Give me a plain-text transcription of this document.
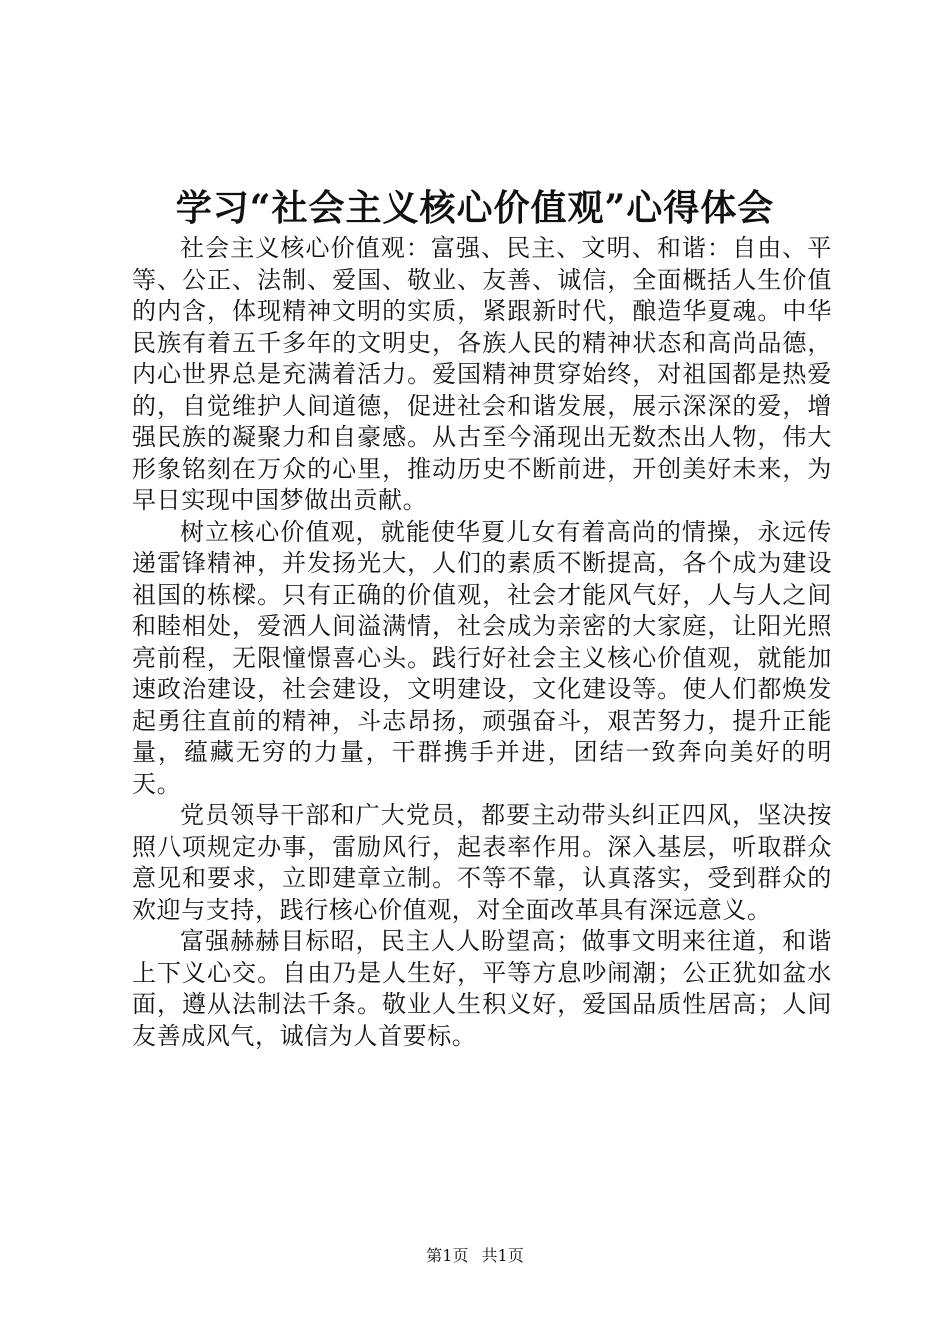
学习“社会主义核心价值观”心得体会

社会主义核心价值观：富强、民主、文明、和谐：自由、平等、公正、法制、爱国、敬业、友善、诚信，全面概括人生价值的内含，体现精神文明的实质，紧跟新时代，酿造华夏魂。中华民族有着五千多年的文明史，各族人民的精神状态和高尚品德，内心世界总是充满着活力。爱国精神贯穿始终，对祖国都是热爱的，自觉维护人间道德，促进社会和谐发展，展示深深的爱，增强民族的凝聚力和自豪感。从古至今涌现出无数杰出人物，伟大形象铭刻在万众的心里，推动历史不断前进，开创美好未来，为早日实现中国梦做出贡献。

树立核心价值观，就能使华夏儿女有着高尚的情操，永远传递雷锋精神，并发扬光大，人们的素质不断提高，各个成为建设祖国的栋樑。只有正确的价值观，社会才能风气好，人与人之间和睦相处，爱洒人间溢满情，社会成为亲密的大家庭，让阳光照亮前程，无限憧憬喜心头。践行好社会主义核心价值观，就能加速政治建设，社会建设，文明建设，文化建设等。使人们都焕发起勇往直前的精神，斗志昂扬，顽强奋斗，艰苦努力，提升正能量，蕴藏无穷的力量，干群携手并进，团结一致奔向美好的明天。

党员领导干部和广大党员，都要主动带头纠正四风，坚决按照八项规定办事，雷励风行，起表率作用。深入基层，听取群众意见和要求，立即建章立制。不等不靠，认真落实，受到群众的欢迎与支持，践行核心价值观，对全面改革具有深远意义。

富强赫赫目标昭，民主人人盼望高；做事文明来往道，和谐上下义心交。自由乃是人生好，平等方息吵闹潮；公正犹如盆水面，遵从法制法千条。敬业人生积义好，爱国品质性居高；人间友善成风气，诚信为人首要标。

第1页 共1页
